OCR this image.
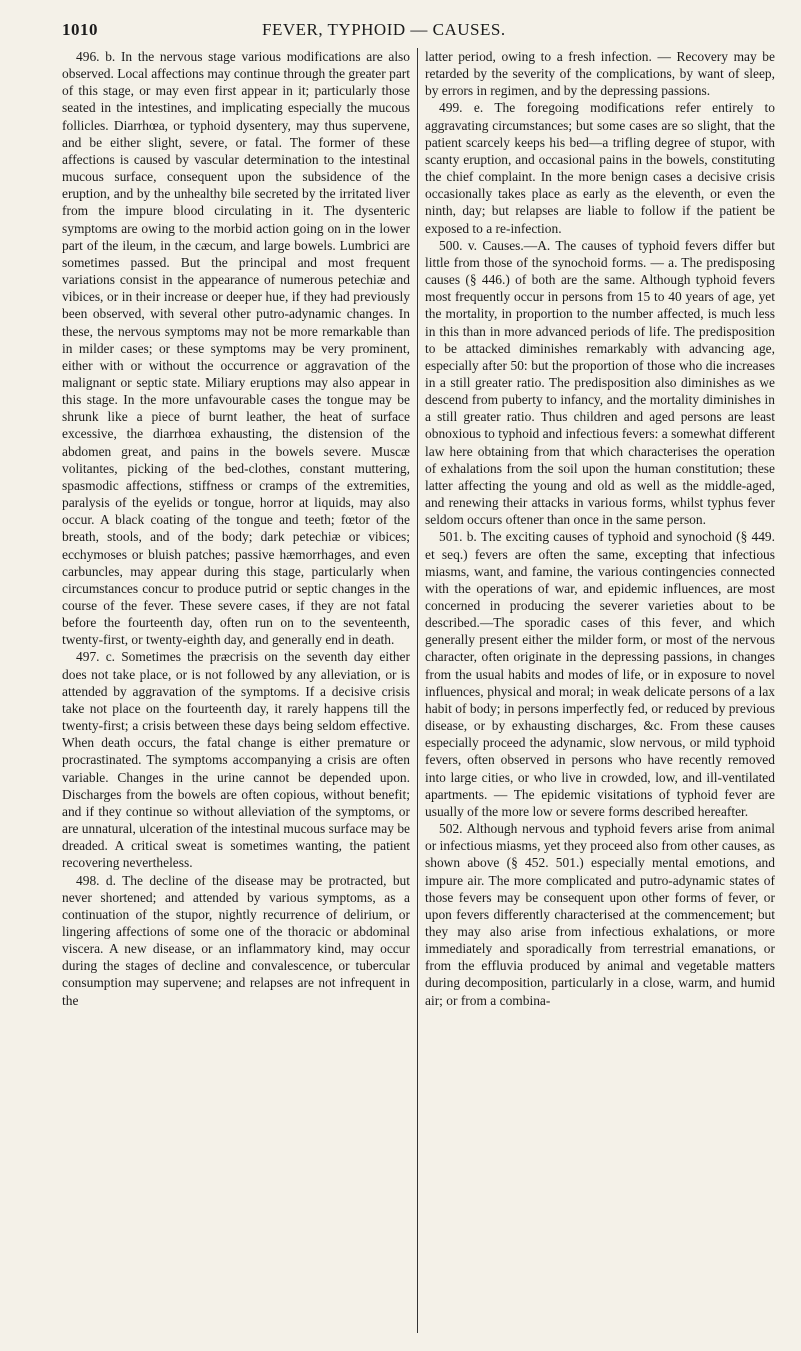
1010	FEVER, TYPHOID — CAUSES.

496. b. In the nervous stage various modifications are also observed. Local affections may continue through the greater part of this stage, or may even first appear in it; particularly those seated in the intestines, and implicating especially the mucous follicles. Diarrhœa, or typhoid dysentery, may thus supervene, and be either slight, severe, or fatal. The former of these affections is caused by vascular determination to the intestinal mucous surface, consequent upon the subsidence of the eruption, and by the unhealthy bile secreted by the irritated liver from the impure blood circulating in it. The dysenteric symptoms are owing to the morbid action going on in the lower part of the ileum, in the cæcum, and large bowels. Lumbrici are sometimes passed. But the principal and most frequent variations consist in the appearance of numerous petechiæ and vibices, or in their increase or deeper hue, if they had previously been observed, with several other putro-adynamic changes. In these, the nervous symptoms may not be more remarkable than in milder cases; or these symptoms may be very prominent, either with or without the occurrence or aggravation of the malignant or septic state. Miliary eruptions may also appear in this stage. In the more unfavourable cases the tongue may be shrunk like a piece of burnt leather, the heat of surface excessive, the diarrhœa exhausting, the distension of the abdomen great, and pains in the bowels severe. Muscæ volitantes, picking of the bed-clothes, constant muttering, spasmodic affections, stiffness or cramps of the extremities, paralysis of the eyelids or tongue, horror at liquids, may also occur. A black coating of the tongue and teeth; fœtor of the breath, stools, and of the body; dark petechiæ or vibices; ecchymoses or bluish patches; passive hæmorrhages, and even carbuncles, may appear during this stage, particularly when circumstances concur to produce putrid or septic changes in the course of the fever. These severe cases, if they are not fatal before the fourteenth day, often run on to the seventeenth, twenty-first, or twenty-eighth day, and generally end in death.

497. c. Sometimes the præcrisis on the seventh day either does not take place, or is not followed by any alleviation, or is attended by aggravation of the symptoms. If a decisive crisis take not place on the fourteenth day, it rarely happens till the twenty-first; a crisis between these days being seldom effective. When death occurs, the fatal change is either premature or procrastinated. The symptoms accompanying a crisis are often variable. Changes in the urine cannot be depended upon. Discharges from the bowels are often copious, without benefit; and if they continue so without alleviation of the symptoms, or are unnatural, ulceration of the intestinal mucous surface may be dreaded. A critical sweat is sometimes wanting, the patient recovering nevertheless.

498. d. The decline of the disease may be protracted, but never shortened; and attended by various symptoms, as a continuation of the stupor, nightly recurrence of delirium, or lingering affections of some one of the thoracic or abdominal viscera. A new disease, or an inflammatory kind, may occur during the stages of decline and convalescence, or tubercular consumption may supervene; and relapses are not infrequent in the

latter period, owing to a fresh infection. — Recovery may be retarded by the severity of the complications, by want of sleep, by errors in regimen, and by the depressing passions.

499. e. The foregoing modifications refer entirely to aggravating circumstances; but some cases are so slight, that the patient scarcely keeps his bed—a trifling degree of stupor, with scanty eruption, and occasional pains in the bowels, constituting the chief complaint. In the more benign cases a decisive crisis occasionally takes place as early as the eleventh, or even the ninth, day; but relapses are liable to follow if the patient be exposed to a re-infection.

500. v. Causes.—A. The causes of typhoid fevers differ but little from those of the synochoid forms. — a. The predisposing causes (§ 446.) of both are the same. Although typhoid fevers most frequently occur in persons from 15 to 40 years of age, yet the mortality, in proportion to the number affected, is much less in this than in more advanced periods of life. The predisposition to be attacked diminishes remarkably with advancing age, especially after 50: but the proportion of those who die increases in a still greater ratio. The predisposition also diminishes as we descend from puberty to infancy, and the mortality diminishes in a still greater ratio. Thus children and aged persons are least obnoxious to typhoid and infectious fevers: a somewhat different law here obtaining from that which characterises the operation of exhalations from the soil upon the human constitution; these latter affecting the young and old as well as the middle-aged, and renewing their attacks in various forms, whilst typhus fever seldom occurs oftener than once in the same person.

501. b. The exciting causes of typhoid and synochoid (§ 449. et seq.) fevers are often the same, excepting that infectious miasms, want, and famine, the various contingencies connected with the operations of war, and epidemic influences, are most concerned in producing the severer varieties about to be described.—The sporadic cases of this fever, and which generally present either the milder form, or most of the nervous character, often originate in the depressing passions, in changes from the usual habits and modes of life, or in exposure to novel influences, physical and moral; in weak delicate persons of a lax habit of body; in persons imperfectly fed, or reduced by previous disease, or by exhausting discharges, &c. From these causes especially proceed the adynamic, slow nervous, or mild typhoid fevers, often observed in persons who have recently removed into large cities, or who live in crowded, low, and ill-ventilated apartments. — The epidemic visitations of typhoid fever are usually of the more low or severe forms described hereafter.

502. Although nervous and typhoid fevers arise from animal or infectious miasms, yet they proceed also from other causes, as shown above (§ 452. 501.) especially mental emotions, and impure air. The more complicated and putro-adynamic states of those fevers may be consequent upon other forms of fever, or upon fevers differently characterised at the commencement; but they may also arise from infectious exhalations, or more immediately and sporadically from terrestrial emanations, or from the effluvia produced by animal and vegetable matters during decomposition, particularly in a close, warm, and humid air; or from a combina-
